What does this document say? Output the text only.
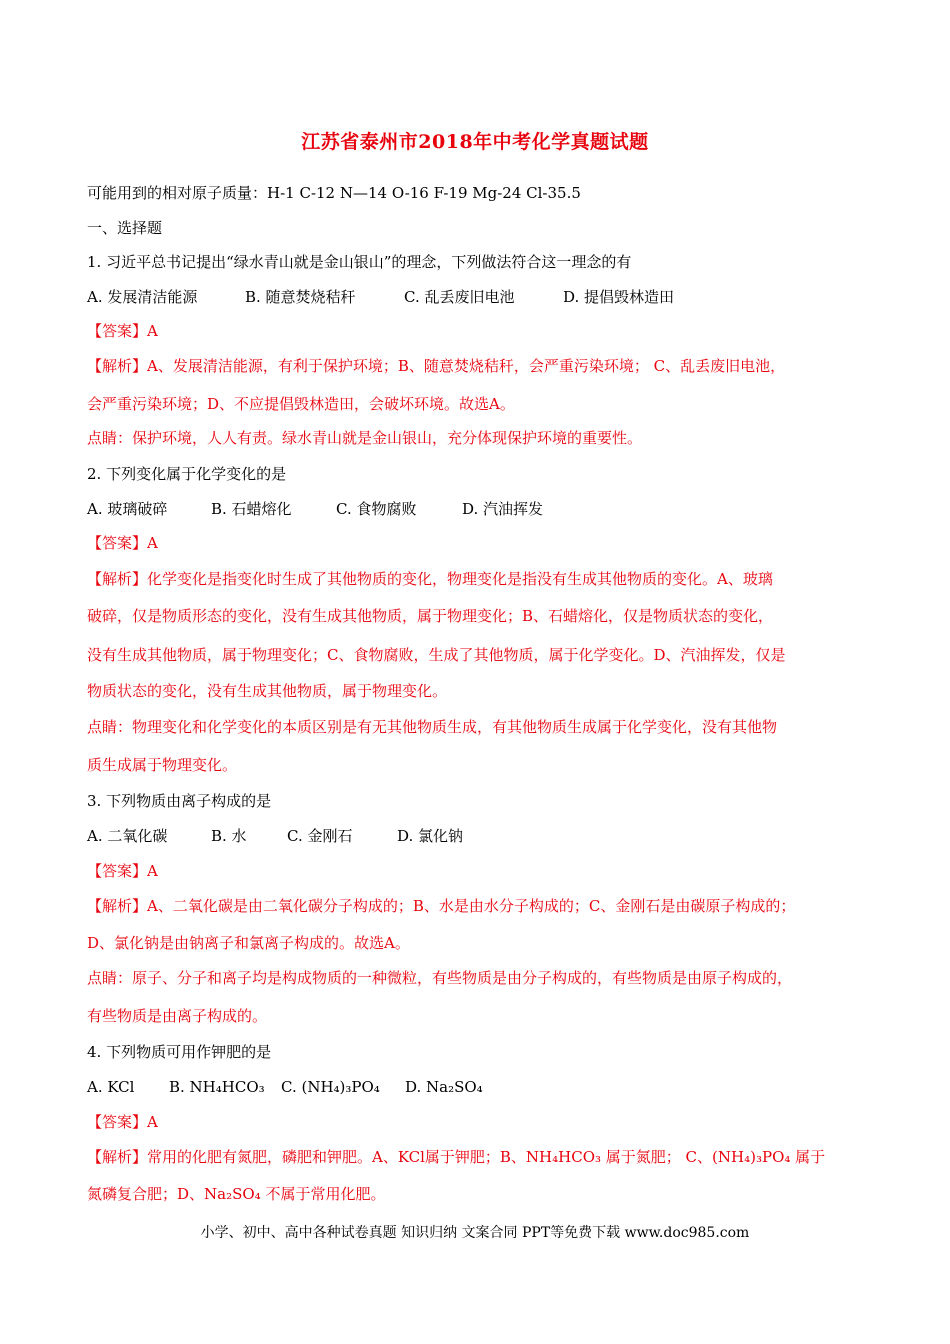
江苏省泰州市2018年中考化学真题试题
可能用到的相对原子质量：H-1 C-12 N—14 O-16 F-19 Mg-24 Cl-35.5
一、选择题
1. 习近平总书记提出“绿水青山就是金山银山”的理念，下列做法符合这一理念的有
A. 发展清洁能源	B. 随意焚烧秸秆	C. 乱丢废旧电池	D. 提倡毁林造田
【答案】A
【解析】A、发展清洁能源，有利于保护环境；B、随意焚烧秸秆，会严重污染环境； C、乱丢废旧电池，
会严重污染环境；D、不应提倡毁林造田，会破坏环境。故选A。
点睛：保护环境，人人有责。绿水青山就是金山银山，充分体现保护环境的重要性。
2. 下列变化属于化学变化的是
A. 玻璃破碎	B. 石蜡熔化	C. 食物腐败	D. 汽油挥发
【答案】A
【解析】化学变化是指变化时生成了其他物质的变化，物理变化是指没有生成其他物质的变化。A、玻璃
破碎，仅是物质形态的变化，没有生成其他物质，属于物理变化；B、石蜡熔化，仅是物质状态的变化，
没有生成其他物质，属于物理变化；C、食物腐败，生成了其他物质，属于化学变化。D、汽油挥发，仅是
物质状态的变化，没有生成其他物质，属于物理变化。
点睛：物理变化和化学变化的本质区别是有无其他物质生成，有其他物质生成属于化学变化，没有其他物
质生成属于物理变化。
3. 下列物质由离子构成的是
A. 二氧化碳	B. 水	C. 金刚石	D. 氯化钠
【答案】A
【解析】A、二氧化碳是由二氧化碳分子构成的；B、水是由水分子构成的；C、金刚石是由碳原子构成的；
D、氯化钠是由钠离子和氯离子构成的。故选A。
点睛：原子、分子和离子均是构成物质的一种微粒，有些物质是由分子构成的，有些物质是由原子构成的，
有些物质是由离子构成的。
4. 下列物质可用作钾肥的是
A. KCl B. NH₄HCO₃ C. (NH₄)₃PO₄ D. Na₂SO₄
【答案】A
【解析】常用的化肥有氮肥，磷肥和钾肥。A、KCl属于钾肥；B、NH₄HCO₃ 属于氮肥； C、(NH₄)₃PO₄ 属于
氮磷复合肥；D、Na₂SO₄ 不属于常用化肥。
小学、初中、高中各种试卷真题 知识归纳 文案合同 PPT等免费下载 www.doc985.com
